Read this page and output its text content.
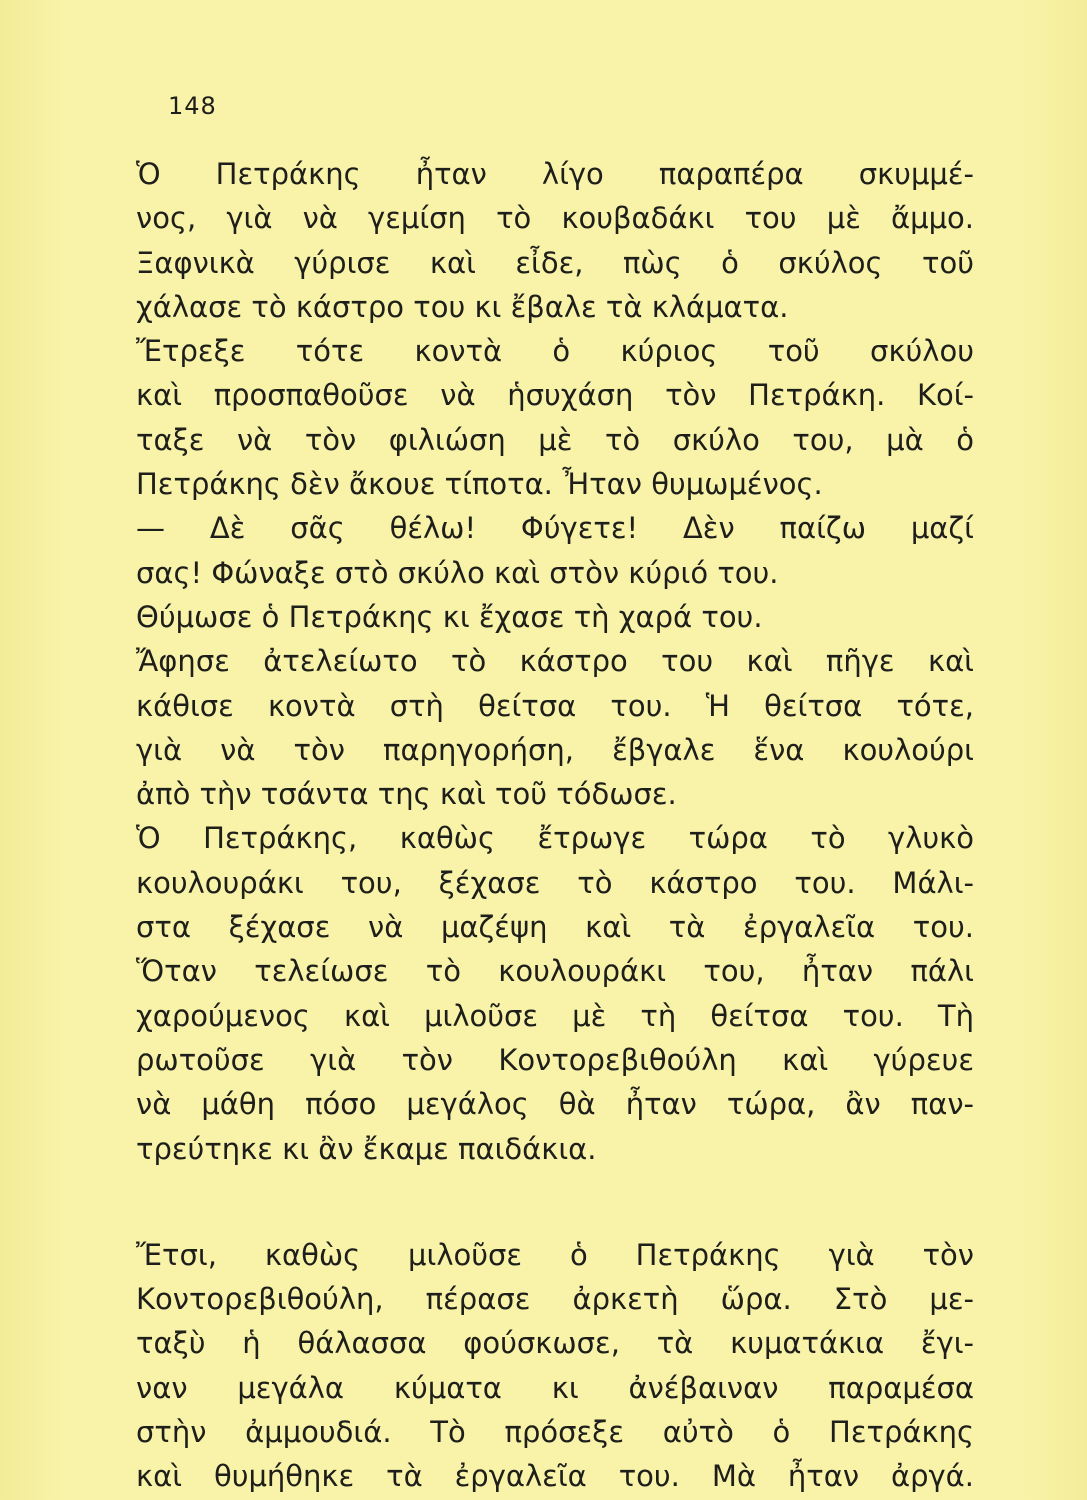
148
Ὁ Πετράκης ἦταν λίγο παραπέρα σκυμμέ-
νος, γιὰ νὰ γεμίση τὸ κουβαδάκι του μὲ ἄμμο.
Ξαφνικὰ γύρισε καὶ εἶδε, πὼς ὁ σκύλος τοῦ
χάλασε τὸ κάστρο του κι ἔβαλε τὰ κλάματα.
Ἔτρεξε τότε κοντὰ ὁ κύριος τοῦ σκύλου
καὶ προσπαθοῦσε νὰ ἡσυχάση τὸν Πετράκη. Κοί-
ταξε νὰ τὸν φιλιώση μὲ τὸ σκύλο του, μὰ ὁ
Πετράκης δὲν ἄκουε τίποτα. Ἦταν θυμωμένος.
— Δὲ σᾶς θέλω! Φύγετε! Δὲν παίζω μαζί
σας! Φώναξε στὸ σκύλο καὶ στὸν κύριό του.
Θύμωσε ὁ Πετράκης κι ἔχασε τὴ χαρά του.
Ἄφησε ἀτελείωτο τὸ κάστρο του καὶ πῆγε καὶ
κάθισε κοντὰ στὴ θείτσα του. Ἡ θείτσα τότε,
γιὰ νὰ τὸν παρηγορήση, ἔβγαλε ἕνα κουλούρι
ἀπὸ τὴν τσάντα της καὶ τοῦ τόδωσε.
Ὁ Πετράκης, καθὼς ἔτρωγε τώρα τὸ γλυκὸ
κουλουράκι του, ξέχασε τὸ κάστρο του. Μάλι-
στα ξέχασε νὰ μαζέψη καὶ τὰ ἐργαλεῖα του.
Ὅταν τελείωσε τὸ κουλουράκι του, ἦταν πάλι
χαρούμενος καὶ μιλοῦσε μὲ τὴ θείτσα του. Τὴ
ρωτοῦσε γιὰ τὸν Κοντορεβιθούλη καὶ γύρευε
νὰ μάθη πόσο μεγάλος θὰ ἦταν τώρα, ἂν παν-
τρεύτηκε κι ἂν ἔκαμε παιδάκια.
Ἔτσι, καθὼς μιλοῦσε ὁ Πετράκης γιὰ τὸν
Κοντορεβιθούλη, πέρασε ἀρκετὴ ὥρα. Στὸ με-
ταξὺ ἡ θάλασσα φούσκωσε, τὰ κυματάκια ἔγι-
ναν μεγάλα κύματα κι ἀνέβαιναν παραμέσα
στὴν ἀμμουδιά. Τὸ πρόσεξε αὐτὸ ὁ Πετράκης
καὶ θυμήθηκε τὰ ἐργαλεῖα του. Μὰ ἦταν ἀργά.
